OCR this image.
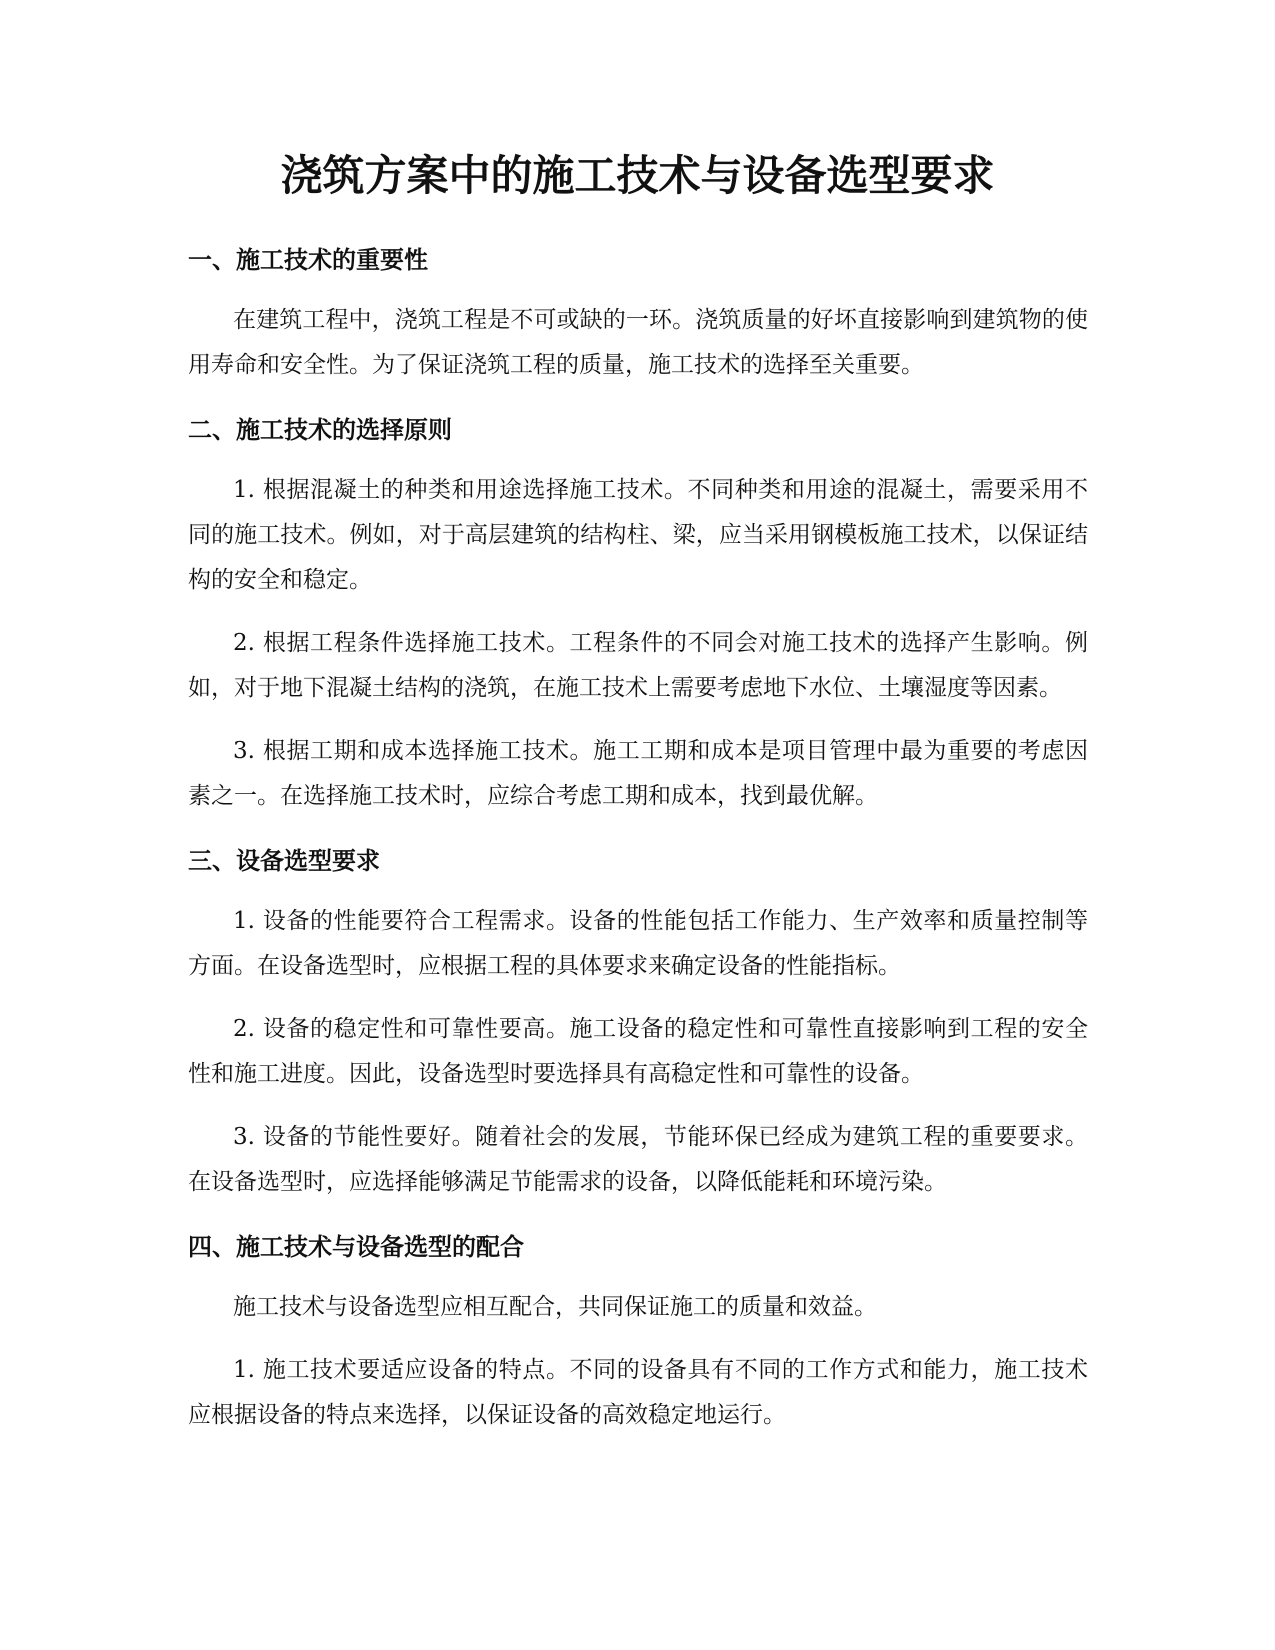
浇筑方案中的施工技术与设备选型要求
一、施工技术的重要性

在建筑工程中，浇筑工程是不可或缺的一环。浇筑质量的好坏直接影响到建筑物的使用寿命和安全性。为了保证浇筑工程的质量，施工技术的选择至关重要。

二、施工技术的选择原则

1. 根据混凝土的种类和用途选择施工技术。不同种类和用途的混凝土，需要采用不同的施工技术。例如，对于高层建筑的结构柱、梁，应当采用钢模板施工技术，以保证结构的安全和稳定。

2. 根据工程条件选择施工技术。工程条件的不同会对施工技术的选择产生影响。例如，对于地下混凝土结构的浇筑，在施工技术上需要考虑地下水位、土壤湿度等因素。

3. 根据工期和成本选择施工技术。施工工期和成本是项目管理中最为重要的考虑因素之一。在选择施工技术时，应综合考虑工期和成本，找到最优解。

三、设备选型要求

1. 设备的性能要符合工程需求。设备的性能包括工作能力、生产效率和质量控制等方面。在设备选型时，应根据工程的具体要求来确定设备的性能指标。

2. 设备的稳定性和可靠性要高。施工设备的稳定性和可靠性直接影响到工程的安全性和施工进度。因此，设备选型时要选择具有高稳定性和可靠性的设备。

3. 设备的节能性要好。随着社会的发展，节能环保已经成为建筑工程的重要要求。在设备选型时，应选择能够满足节能需求的设备，以降低能耗和环境污染。

四、施工技术与设备选型的配合

施工技术与设备选型应相互配合，共同保证施工的质量和效益。

1. 施工技术要适应设备的特点。不同的设备具有不同的工作方式和能力，施工技术应根据设备的特点来选择，以保证设备的高效稳定地运行。
